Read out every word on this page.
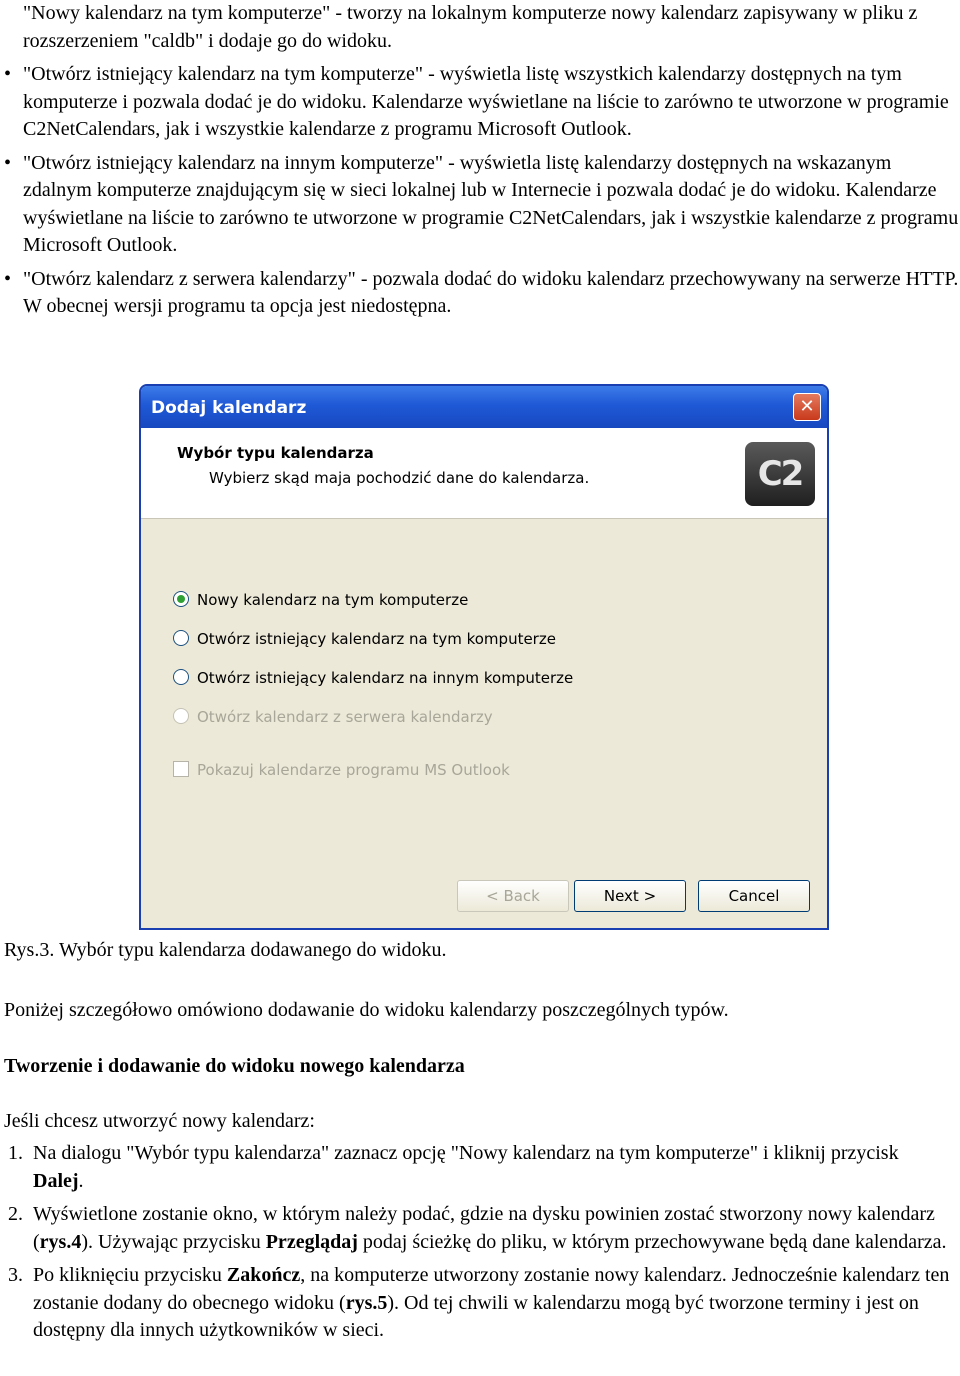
"Nowy kalendarz na tym komputerze" - tworzy na lokalnym komputerze nowy kalendarz zapisywany w pliku z rozszerzeniem "caldb" i dodaje go do widoku.
• "Otwórz istniejący kalendarz na tym komputerze" - wyświetla listę wszystkich kalendarzy dostępnych na tym komputerze i pozwala dodać je do widoku. Kalendarze wyświetlane na liście to zarówno te utworzone w programie C2NetCalendars, jak i wszystkie kalendarze z programu Microsoft Outlook.
• "Otwórz istniejący kalendarz na innym komputerze" - wyświetla listę kalendarzy dostępnych na wskazanym zdalnym komputerze znajdującym się w sieci lokalnej lub w Internecie i pozwala dodać je do widoku. Kalendarze wyświetlane na liście to zarówno te utworzone w programie C2NetCalendars, jak i wszystkie kalendarze z programu Microsoft Outlook.
• "Otwórz kalendarz z serwera kalendarzy" - pozwala dodać do widoku kalendarz przechowywany na serwerze HTTP. W obecnej wersji programu ta opcja jest niedostępna.
Dodaj kalendarz	✕
Wybór typu kalendarza
Wybierz skąd maja pochodzić dane do kalendarza.	C2
Nowy kalendarz na tym komputerze
Otwórz istniejący kalendarz na tym komputerze
Otwórz istniejący kalendarz na innym komputerze
Otwórz kalendarz z serwera kalendarzy
Pokazuj kalendarze programu MS Outlook
< Back	Next >	Cancel

Rys.3. Wybór typu kalendarza dodawanego do widoku.

Poniżej szczegółowo omówiono dodawanie do widoku kalendarzy poszczególnych typów.

Tworzenie i dodawanie do widoku nowego kalendarza

Jeśli chcesz utworzyć nowy kalendarz:

1. Na dialogu "Wybór typu kalendarza" zaznacz opcję "Nowy kalendarz na tym komputerze" i kliknij przycisk Dalej.
2. Wyświetlone zostanie okno, w którym należy podać, gdzie na dysku powinien zostać stworzony nowy kalendarz (rys.4). Używając przycisku Przeglądaj podaj ścieżkę do pliku, w którym przechowywane będą dane kalendarza.
3. Po kliknięciu przycisku Zakończ, na komputerze utworzony zostanie nowy kalendarz. Jednocześnie kalendarz ten zostanie dodany do obecnego widoku (rys.5). Od tej chwili w kalendarzu mogą być tworzone terminy i jest on dostępny dla innych użytkowników w sieci.
